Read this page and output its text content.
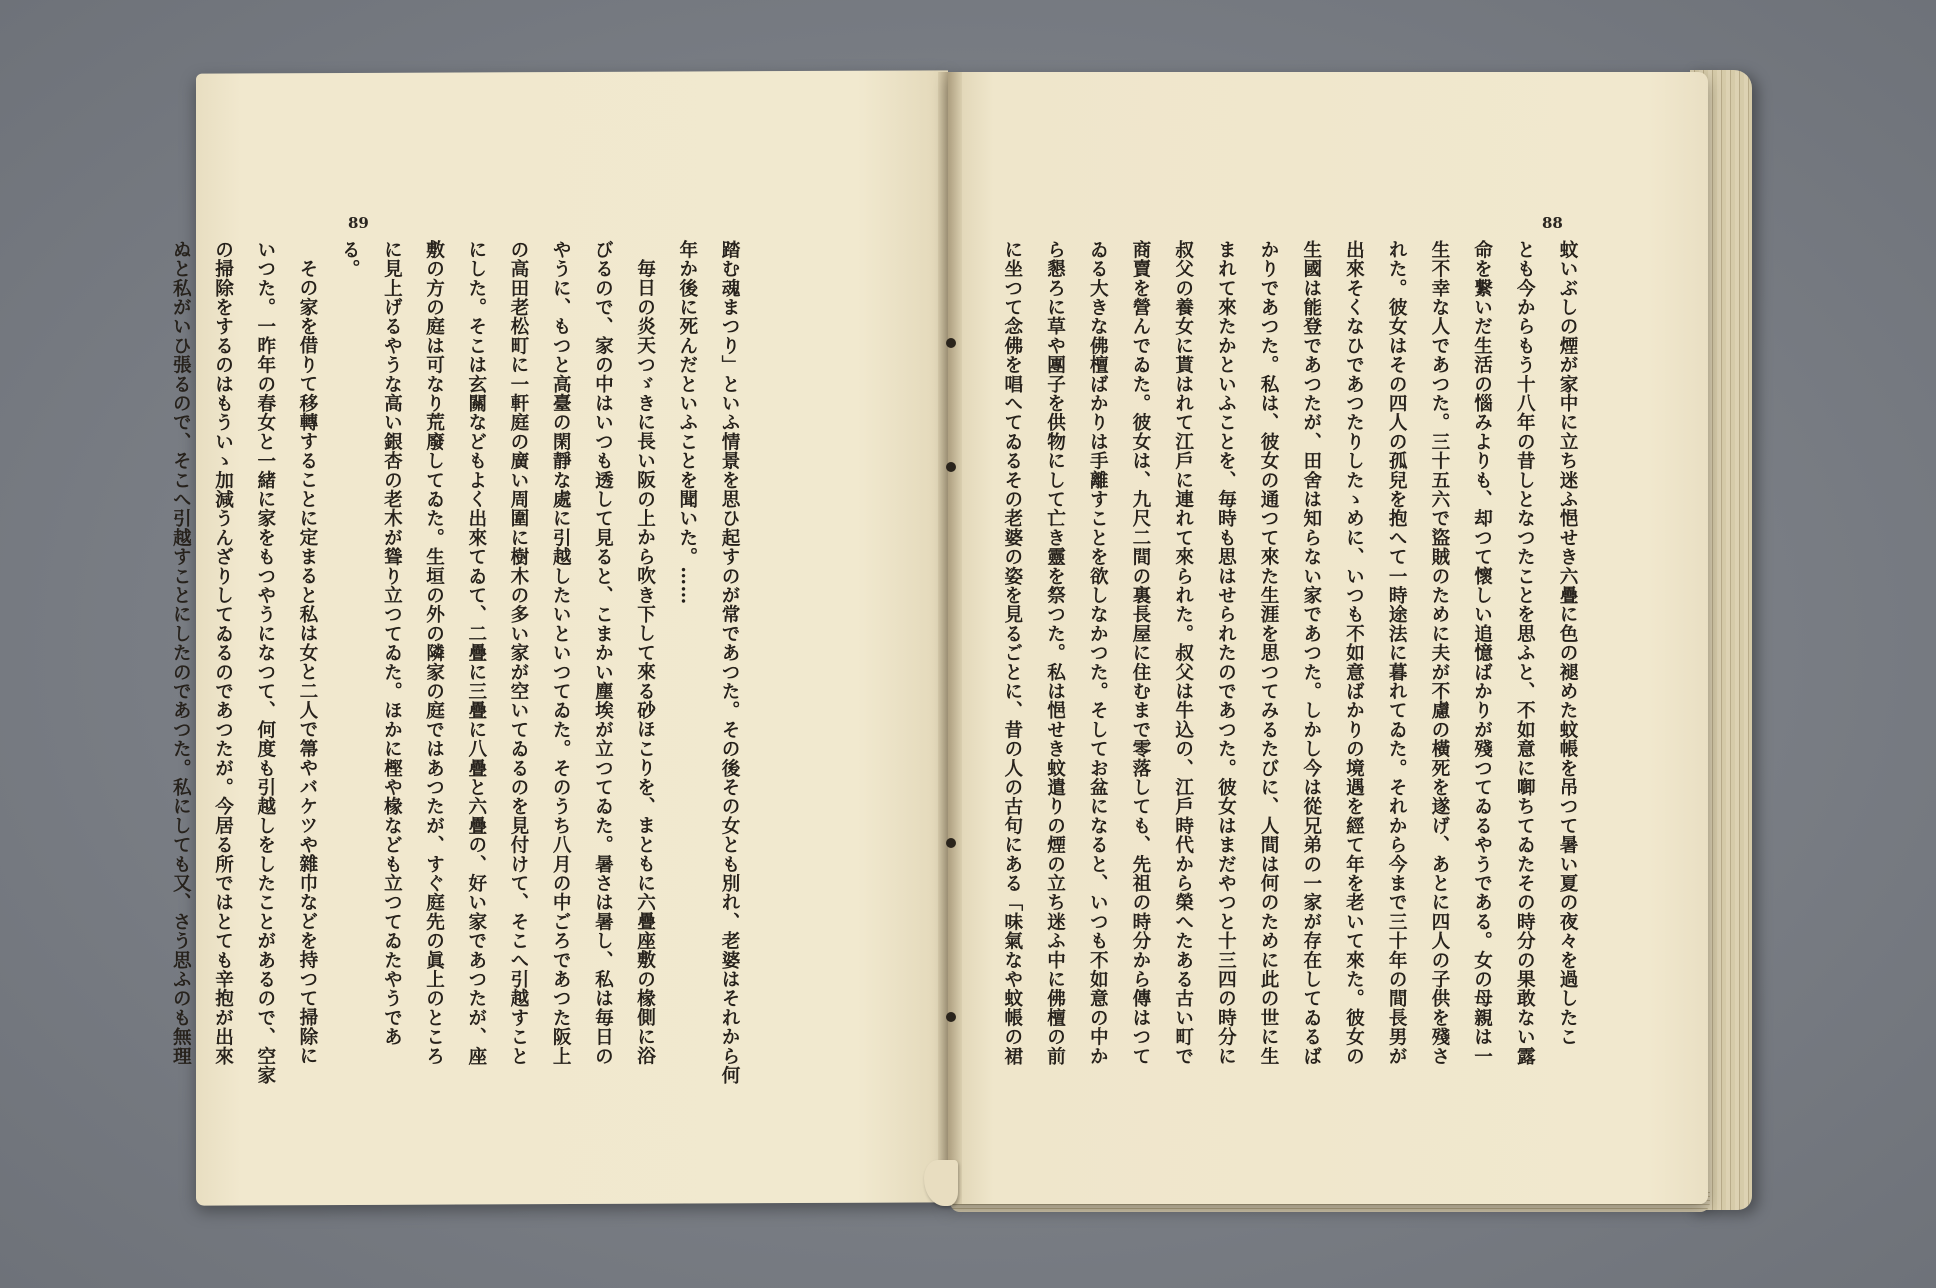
89	88
蚊いぶしの煙が家中に立ち迷ふ悒せき六疊に色の褪めた蚊帳を吊つて暑い夏の夜々を過したこ
とも今からもう十八年の昔しとなつたことを思ふと、不如意に啣ちてゐたその時分の果敢ない露
命を繋いだ生活の惱みよりも、却つて懷しい追憶ばかりが殘つてゐるやうである。女の母親は一
生不幸な人であつた。三十五六で盜賊のために夫が不慮の橫死を遂げ、あとに四人の子供を殘さ
れた。彼女はその四人の孤兒を抱へて一時途法に暮れてゐた。それから今まで三十年の間長男が
出來そくなひであつたりしたゝめに、いつも不如意ばかりの境遇を經て年を老いて來た。彼女の
生國は能登であつたが、田舍は知らない家であつた。しかし今は從兄弟の一家が存在してゐるば
かりであつた。私は、彼女の通つて來た生涯を思つてみるたびに、人間は何のために此の世に生
まれて來たかといふことを、毎時も思はせられたのであつた。彼女はまだやつと十三四の時分に
叔父の養女に貰はれて江戶に連れて來られた。叔父は牛込の、江戶時代から榮へたある古い町で
商賣を營んでゐた。彼女は、九尺二間の裏長屋に住むまで零落しても、先祖の時分から傳はつて
ゐる大きな佛檀ばかりは手離すことを欲しなかつた。そしてお盆になると、いつも不如意の中か
ら懇ろに草や團子を供物にして亡き靈を祭つた。私は悒せき蚊遣りの煙の立ち迷ふ中に佛檀の前
に坐つて念佛を唱へてゐるその老婆の姿を見るごとに、昔の人の古句にある「味氣なや蚊帳の裙
踏む魂まつり」といふ情景を思ひ起すのが常であつた。その後その女とも別れ、老婆はそれから何
年か後に死んだといふことを聞いた。……
毎日の炎天つゞきに長い阪の上から吹き下して來る砂ほこりを、まともに六疊座敷の椽側に浴
びるので、家の中はいつも透して見ると、こまかい塵埃が立つてゐた。暑さは暑し、私は毎日の
やうに、もつと高臺の閑靜な處に引越したいといつてゐた。そのうち八月の中ごろであつた阪上
の高田老松町に一軒庭の廣い周圍に樹木の多い家が空いてゐるのを見付けて、そこへ引越すこと
にした。そこは玄關などもよく出來てゐて、二疊に三疊に八疊と六疊の、好い家であつたが、座
敷の方の庭は可なり荒廢してゐた。生垣の外の隣家の庭ではあつたが、すぐ庭先の眞上のところ
に見上げるやうな高い銀杏の老木が聳り立つてゐた。ほかに樫や椽なども立つてゐたやうであ
る。
その家を借りて移轉することに定まると私は女と二人で箒やバケツや雜巾などを持つて掃除に
いつた。一昨年の春女と一緒に家をもつやうになつて、何度も引越しをしたことがあるので、空家
の掃除をするのはもういゝ加減うんざりしてゐるのであつたが。今居る所ではとても辛抱が出來
ぬと私がいひ張るので、そこへ引越すことにしたのであつた。私にしても又、さう思ふのも無理
